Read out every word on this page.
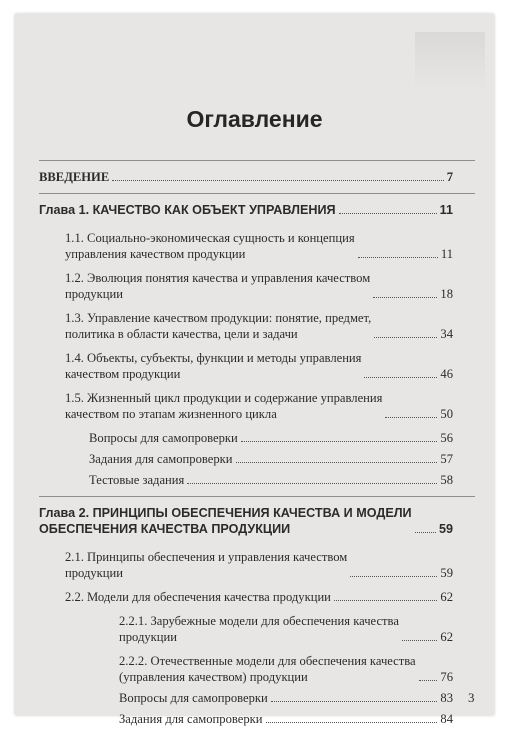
Оглавление
ВВЕДЕНИЕ	7
Глава 1. КАЧЕСТВО КАК ОБЪЕКТ УПРАВЛЕНИЯ	11
1.1. Социально-экономическая сущность и концепция
управления качеством продукции	11
1.2. Эволюция понятия качества и управления качеством
продукции	18
1.3. Управление качеством продукции: понятие, предмет,
политика в области качества, цели и задачи	34
1.4. Объекты, субъекты, функции и методы управления
качеством продукции	46
1.5. Жизненный цикл продукции и содержание управления
качеством по этапам жизненного цикла	50
Вопросы для самопроверки	56
Задания для самопроверки	57
Тестовые задания	58
Глава 2. ПРИНЦИПЫ ОБЕСПЕЧЕНИЯ КАЧЕСТВА И МОДЕЛИ
ОБЕСПЕЧЕНИЯ КАЧЕСТВА ПРОДУКЦИИ	59
2.1. Принципы обеспечения и управления качеством
продукции	59
2.2. Модели для обеспечения качества продукции	62
2.2.1. Зарубежные модели для обеспечения качества
продукции	62
2.2.2. Отечественные модели для обеспечения качества
(управления качеством) продукции	76
Вопросы для самопроверки	83
Задания для самопроверки	84
3
